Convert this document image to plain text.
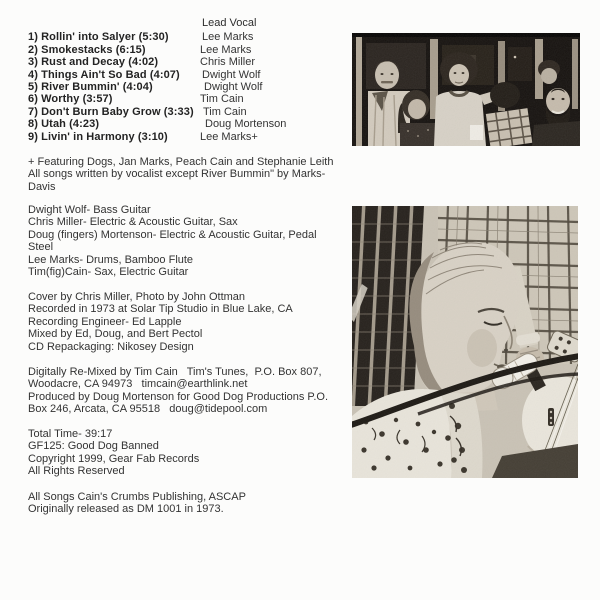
Lead Vocal
1) Rollin' into Salyer (5:30)	Lee Marks
2) Smokestacks (6:15)	Lee Marks
3) Rust and Decay (4:02)	Chris Miller
4) Things Ain't So Bad (4:07)	Dwight Wolf
5) River Bummin' (4:04)	Dwight Wolf
6) Worthy (3:57)	Tim Cain
7) Don't Burn Baby Grow (3:33) Tim Cain
8) Utah (4:23)	Doug Mortenson
9) Livin' in Harmony (3:10)	Lee Marks+
+ Featuring Dogs, Jan Marks, Peach Cain and Stephanie Leith
All songs written by vocalist except River Bummin" by Marks-
Davis
Dwight Wolf- Bass Guitar
Chris Miller- Electric & Acoustic Guitar, Sax
Doug (fingers) Mortenson- Electric & Acoustic Guitar, Pedal
Steel
Lee Marks- Drums, Bamboo Flute
Tim(fig)Cain- Sax, Electric Guitar
Cover by Chris Miller, Photo by John Ottman
Recorded in 1973 at Solar Tip Studio in Blue Lake, CA
Recording Engineer- Ed Lapple
Mixed by Ed, Doug, and Bert Pectol
CD Repackaging: Nikosey Design
Digitally Re-Mixed by Tim Cain   Tim's Tunes,  P.O. Box 807,
Woodacre, CA 94973   timcain@earthlink.net
Produced by Doug Mortenson for Good Dog Productions P.O.
Box 246, Arcata, CA 95518   doug@tidepool.com
Total Time- 39:17
GF125: Good Dog Banned
Copyright 1999, Gear Fab Records
All Rights Reserved
All Songs Cain's Crumbs Publishing, ASCAP
Originally released as DM 1001 in 1973.
